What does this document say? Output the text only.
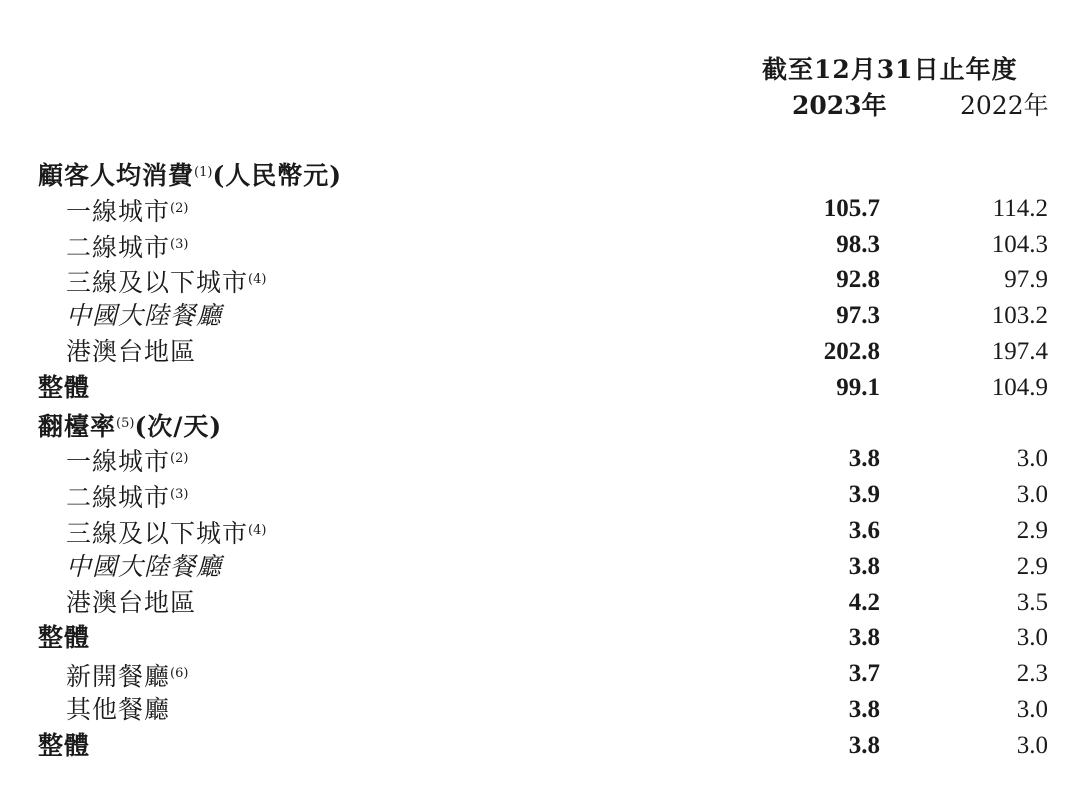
截至12月31日止年度
2023年	2022年
顧客人均消費$^{(1)}$(人民幣元)
一線城市$^{(2)}$	105.7	114.2
二線城市$^{(3)}$	98.3	104.3
三線及以下城市$^{(4)}$	92.8	97.9
中國大陸餐廳	97.3	103.2
港澳台地區	202.8	197.4
整體	99.1	104.9
翻檯率$^{(5)}$(次/天)
一線城市$^{(2)}$	3.8	3.0
二線城市$^{(3)}$	3.9	3.0
三線及以下城市$^{(4)}$	3.6	2.9
中國大陸餐廳	3.8	2.9
港澳台地區	4.2	3.5
整體	3.8	3.0
新開餐廳$^{(6)}$	3.7	2.3
其他餐廳	3.8	3.0
整體	3.8	3.0
